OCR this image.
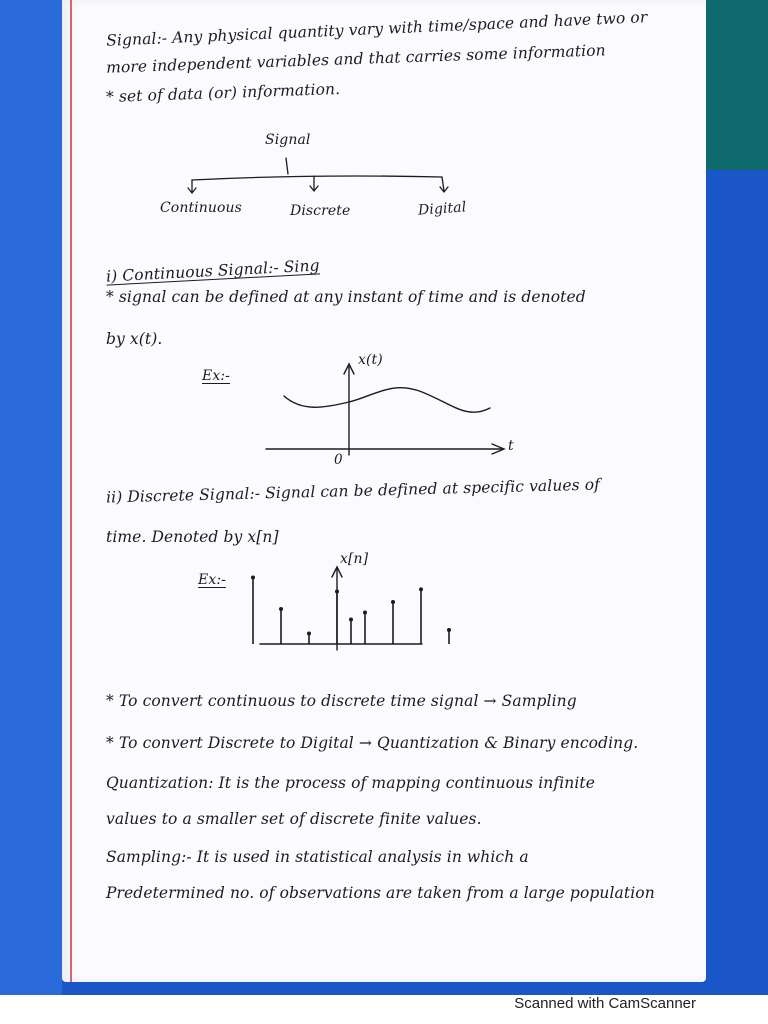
Signal:- Any physical quantity vary with time/space and have two or
more independent variables and that carries some information
* set of data (or) information.
Signal
Continuous	Discrete	Digital
i) Continuous Signal:- Sing
* signal can be defined at any instant of time and is denoted
by x(t).
Ex:-
x(t)
t
0
ii) Discrete Signal:- Signal can be defined at specific values of
time. Denoted by x[n]
Ex:-
x[n]
* To convert continuous to discrete time signal → Sampling
* To convert Discrete to Digital → Quantization & Binary encoding.
Quantization: It is the process of mapping continuous infinite
values to a smaller set of discrete finite values.
Sampling:- It is used in statistical analysis in which a
Predetermined no. of observations are taken from a large population
Scanned with CamScanner
